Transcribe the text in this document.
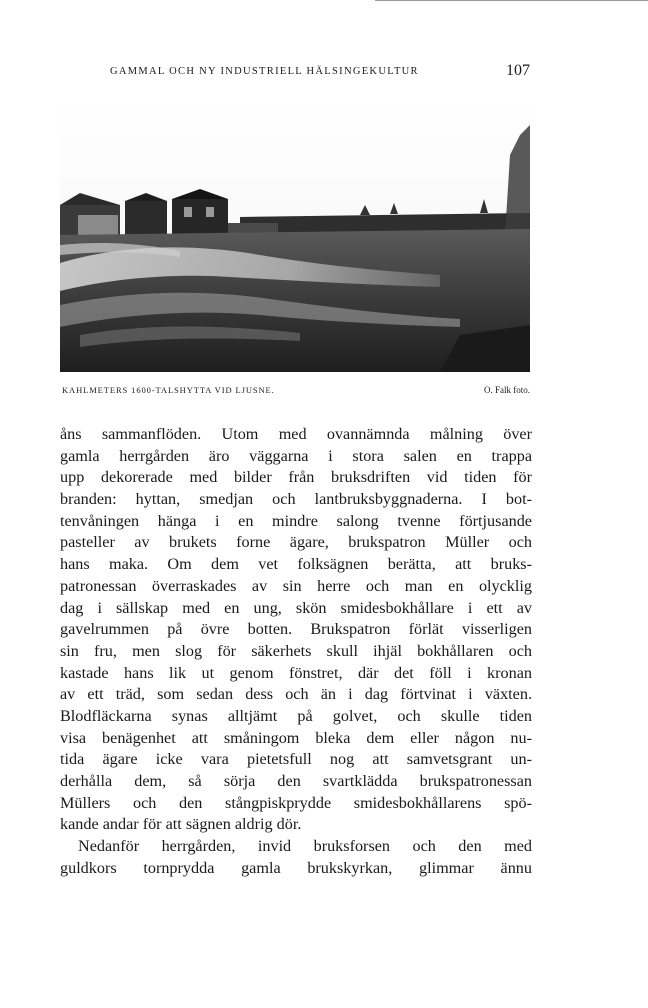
GAMMAL OCH NY INDUSTRIELL HÄLSINGEKULTUR	107
KAHLMETERS 1600-TALSHYTTA VID LJUSNE.	O. Falk foto.
åns sammanflöden. Utom med ovannämnda målning över
gamla herrgården äro väggarna i stora salen en trappa
upp dekorerade med bilder från bruksdriften vid tiden för
branden: hyttan, smedjan och lantbruksbyggnaderna. I bot-
tenvåningen hänga i en mindre salong tvenne förtjusande
pasteller av brukets forne ägare, brukspatron Müller och
hans maka. Om dem vet folksägnen berätta, att bruks-
patronessan överraskades av sin herre och man en olycklig
dag i sällskap med en ung, skön smidesbokhållare i ett av
gavelrummen på övre botten. Brukspatron förlät visserligen
sin fru, men slog för säkerhets skull ihjäl bokhållaren och
kastade hans lik ut genom fönstret, där det föll i kronan
av ett träd, som sedan dess och än i dag förtvinat i växten.
Blodfläckarna synas alltjämt på golvet, och skulle tiden
visa benägenhet att småningom bleka dem eller någon nu-
tida ägare icke vara pietetsfull nog att samvetsgrant un-
derhålla dem, så sörja den svartklädda brukspatronessan
Müllers och den stångpiskprydde smidesbokhållarens spö-
kande andar för att sägnen aldrig dör.
Nedanför herrgården, invid bruksforsen och den med
guldkors tornprydda gamla brukskyrkan, glimmar ännu
